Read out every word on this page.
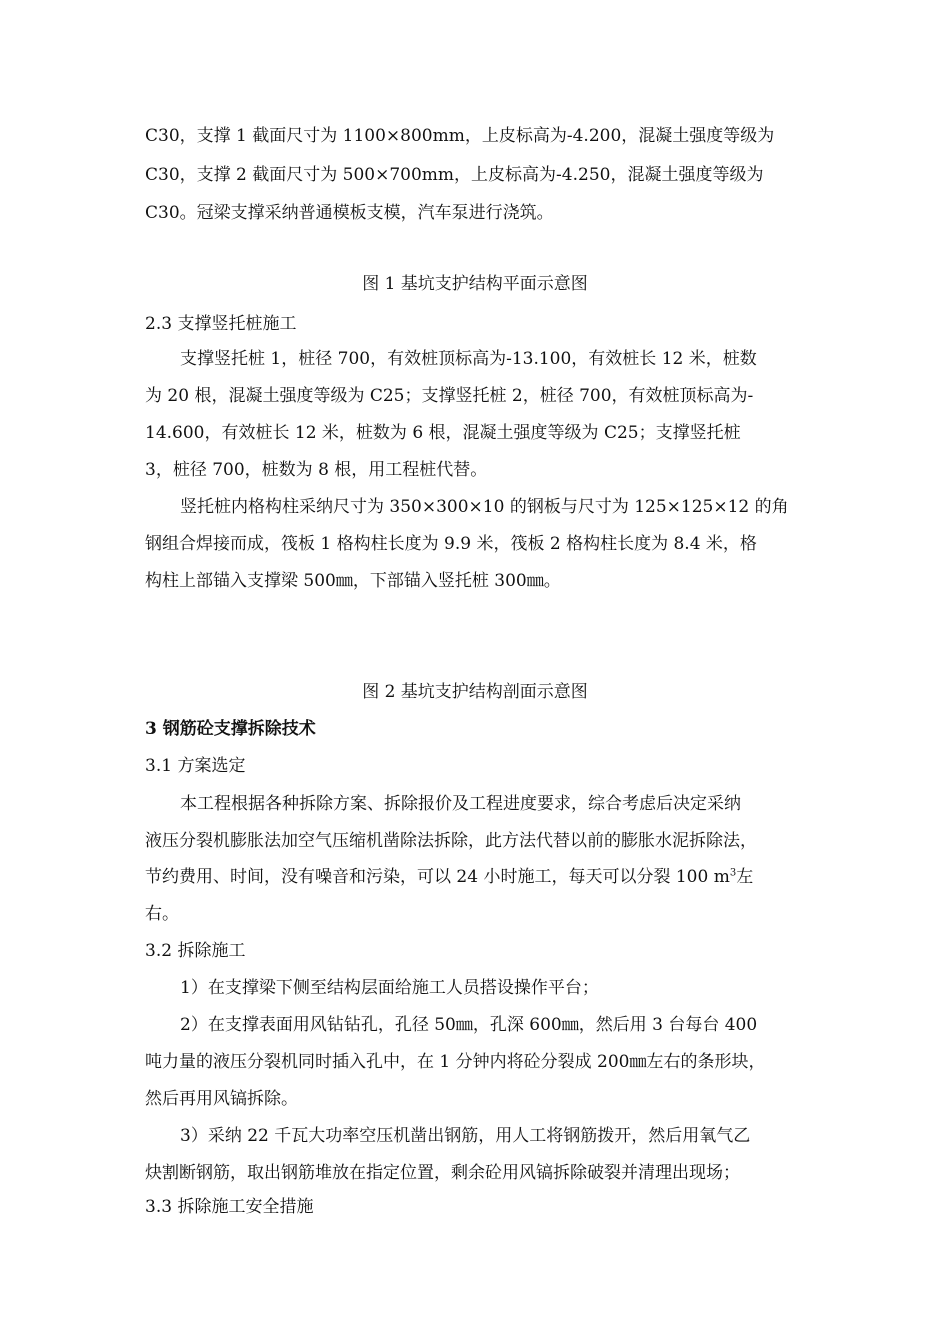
C30，支撑 1 截面尺寸为 1100×800mm，上皮标高为-4.200，混凝土强度等级为
C30，支撑 2 截面尺寸为 500×700mm，上皮标高为-4.250，混凝土强度等级为
C30。冠梁支撑采纳普通模板支模，汽车泵进行浇筑。
图 1 基坑支护结构平面示意图
2.3 支撑竖托桩施工
支撑竖托桩 1，桩径 700，有效桩顶标高为-13.100，有效桩长 12 米，桩数
为 20 根，混凝土强度等级为 C25；支撑竖托桩 2，桩径 700，有效桩顶标高为-
14.600，有效桩长 12 米，桩数为 6 根，混凝土强度等级为 C25；支撑竖托桩
3，桩径 700，桩数为 8 根，用工程桩代替。
竖托桩内格构柱采纳尺寸为 350×300×10 的钢板与尺寸为 125×125×12 的角
钢组合焊接而成，筏板 1 格构柱长度为 9.9 米，筏板 2 格构柱长度为 8.4 米，格
构柱上部锚入支撑梁 500㎜，下部锚入竖托桩 300㎜。
图 2 基坑支护结构剖面示意图
3 钢筋砼支撑拆除技术
3.1 方案选定
本工程根据各种拆除方案、拆除报价及工程进度要求，综合考虑后决定采纳
液压分裂机膨胀法加空气压缩机凿除法拆除，此方法代替以前的膨胀水泥拆除法，
节约费用、时间，没有噪音和污染，可以 24 小时施工，每天可以分裂 100 $m^3$左
右。
3.2 拆除施工
1）在支撑梁下侧至结构层面给施工人员搭设操作平台；
2）在支撑表面用风钻钻孔，孔径 50㎜，孔深 600㎜，然后用 3 台每台 400
吨力量的液压分裂机同时插入孔中，在 1 分钟内将砼分裂成 200㎜左右的条形块，
然后再用风镐拆除。
3）采纳 22 千瓦大功率空压机凿出钢筋，用人工将钢筋拨开，然后用氧气乙
炔割断钢筋，取出钢筋堆放在指定位置，剩余砼用风镐拆除破裂并清理出现场；
3.3 拆除施工安全措施
